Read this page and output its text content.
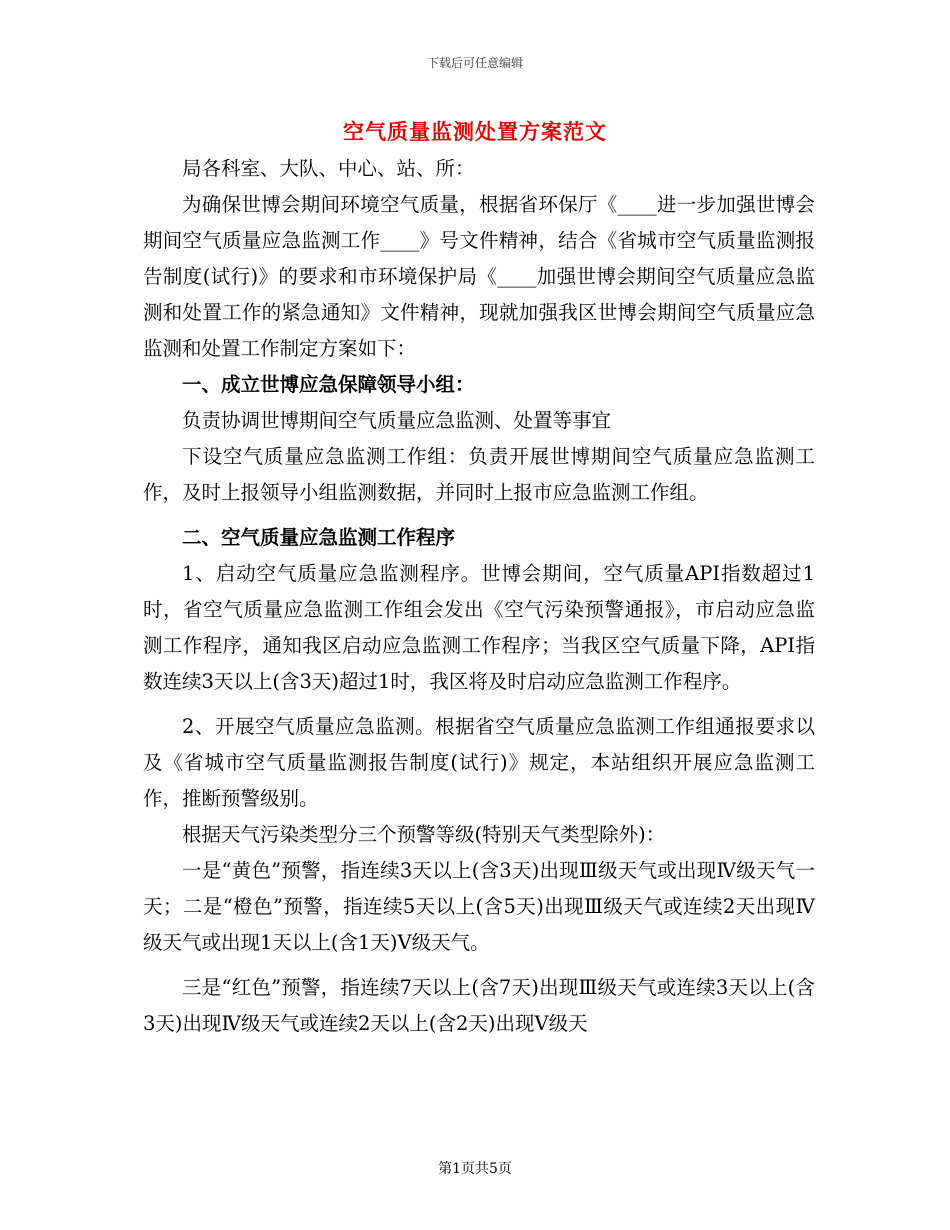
下载后可任意编辑
空气质量监测处置方案范文

局各科室、大队、中心、站、所：

为确保世博会期间环境空气质量，根据省环保厅《____进一步加强世博会期间空气质量应急监测工作____》号文件精神，结合《省城市空气质量监测报告制度(试行)》的要求和市环境保护局《____加强世博会期间空气质量应急监测和处置工作的紧急通知》文件精神，现就加强我区世博会期间空气质量应急监测和处置工作制定方案如下：

一、成立世博应急保障领导小组：

负责协调世博期间空气质量应急监测、处置等事宜

下设空气质量应急监测工作组：负责开展世博期间空气质量应急监测工作，及时上报领导小组监测数据，并同时上报市应急监测工作组。

二、空气质量应急监测工作程序

1、启动空气质量应急监测程序。世博会期间，空气质量API指数超过1时，省空气质量应急监测工作组会发出《空气污染预警通报》，市启动应急监测工作程序，通知我区启动应急监测工作程序；当我区空气质量下降，API指数连续3天以上(含3天)超过1时，我区将及时启动应急监测工作程序。

2、开展空气质量应急监测。根据省空气质量应急监测工作组通报要求以及《省城市空气质量监测报告制度(试行)》规定，本站组织开展应急监测工作，推断预警级别。

根据天气污染类型分三个预警等级(特别天气类型除外)：

一是“黄色”预警，指连续3天以上(含3天)出现Ⅲ级天气或出现Ⅳ级天气一天；二是“橙色”预警，指连续5天以上(含5天)出现Ⅲ级天气或连续2天出现Ⅳ级天气或出现1天以上(含1天)Ⅴ级天气。

三是“红色”预警，指连续7天以上(含7天)出现Ⅲ级天气或连续3天以上(含3天)出现Ⅳ级天气或连续2天以上(含2天)出现Ⅴ级天

第1页共5页
